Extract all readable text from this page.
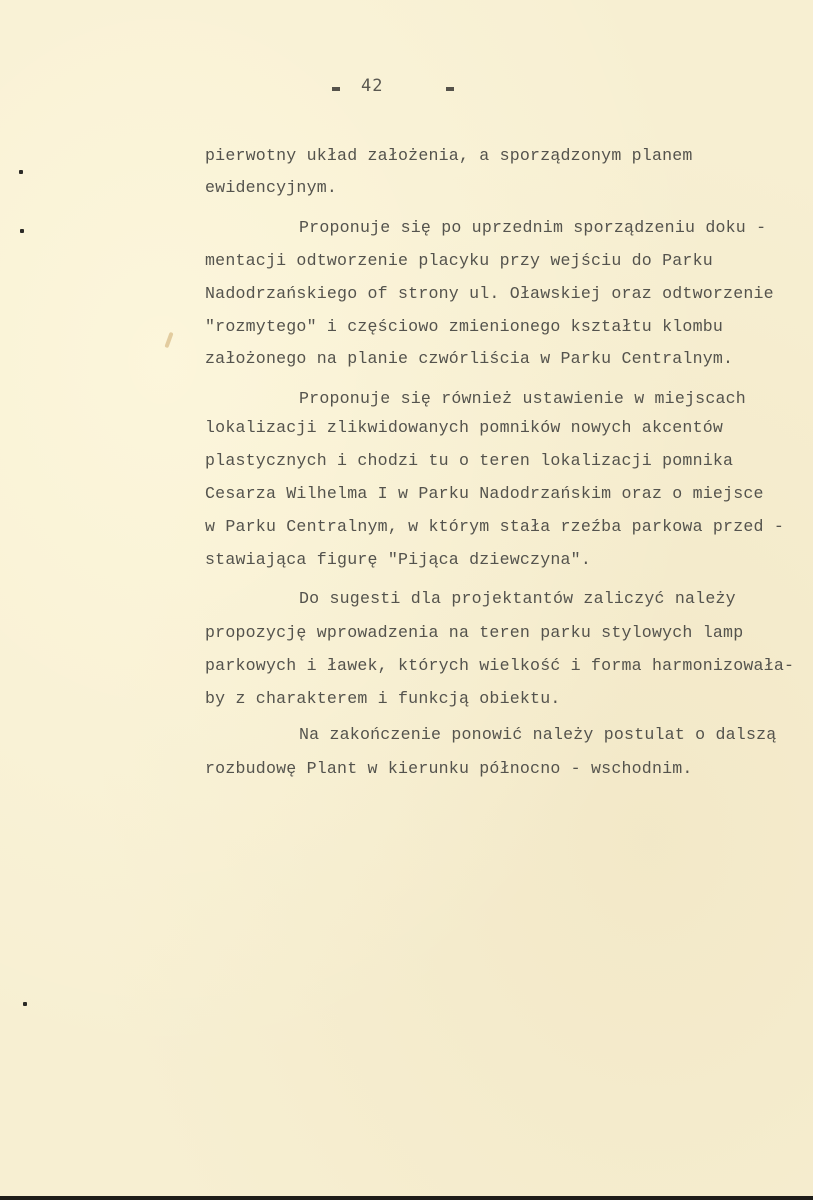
42
pierwotny układ założenia, a sporządzonym planem
ewidencyjnym.
Proponuje się po uprzednim sporządzeniu doku -
mentacji odtworzenie placyku przy wejściu do Parku
Nadodrzańskiego of strony ul. Oławskiej oraz odtworzenie
"rozmytego" i częściowo zmienionego kształtu klombu
założonego na planie czwórliścia w Parku Centralnym.
Proponuje się również ustawienie w miejscach
lokalizacji zlikwidowanych pomników nowych akcentów
plastycznych i chodzi tu o teren lokalizacji pomnika
Cesarza Wilhelma I w Parku Nadodrzańskim oraz o miejsce
w Parku Centralnym, w którym stała rzeźba parkowa przed -
stawiająca figurę "Pijąca dziewczyna".
Do sugesti dla projektantów zaliczyć należy
propozycję wprowadzenia na teren parku stylowych lamp
parkowych i ławek, których wielkość i forma harmonizowała-
by z charakterem i funkcją obiektu.
Na zakończenie ponowić należy postulat o dalszą
rozbudowę Plant w kierunku północno - wschodnim.
